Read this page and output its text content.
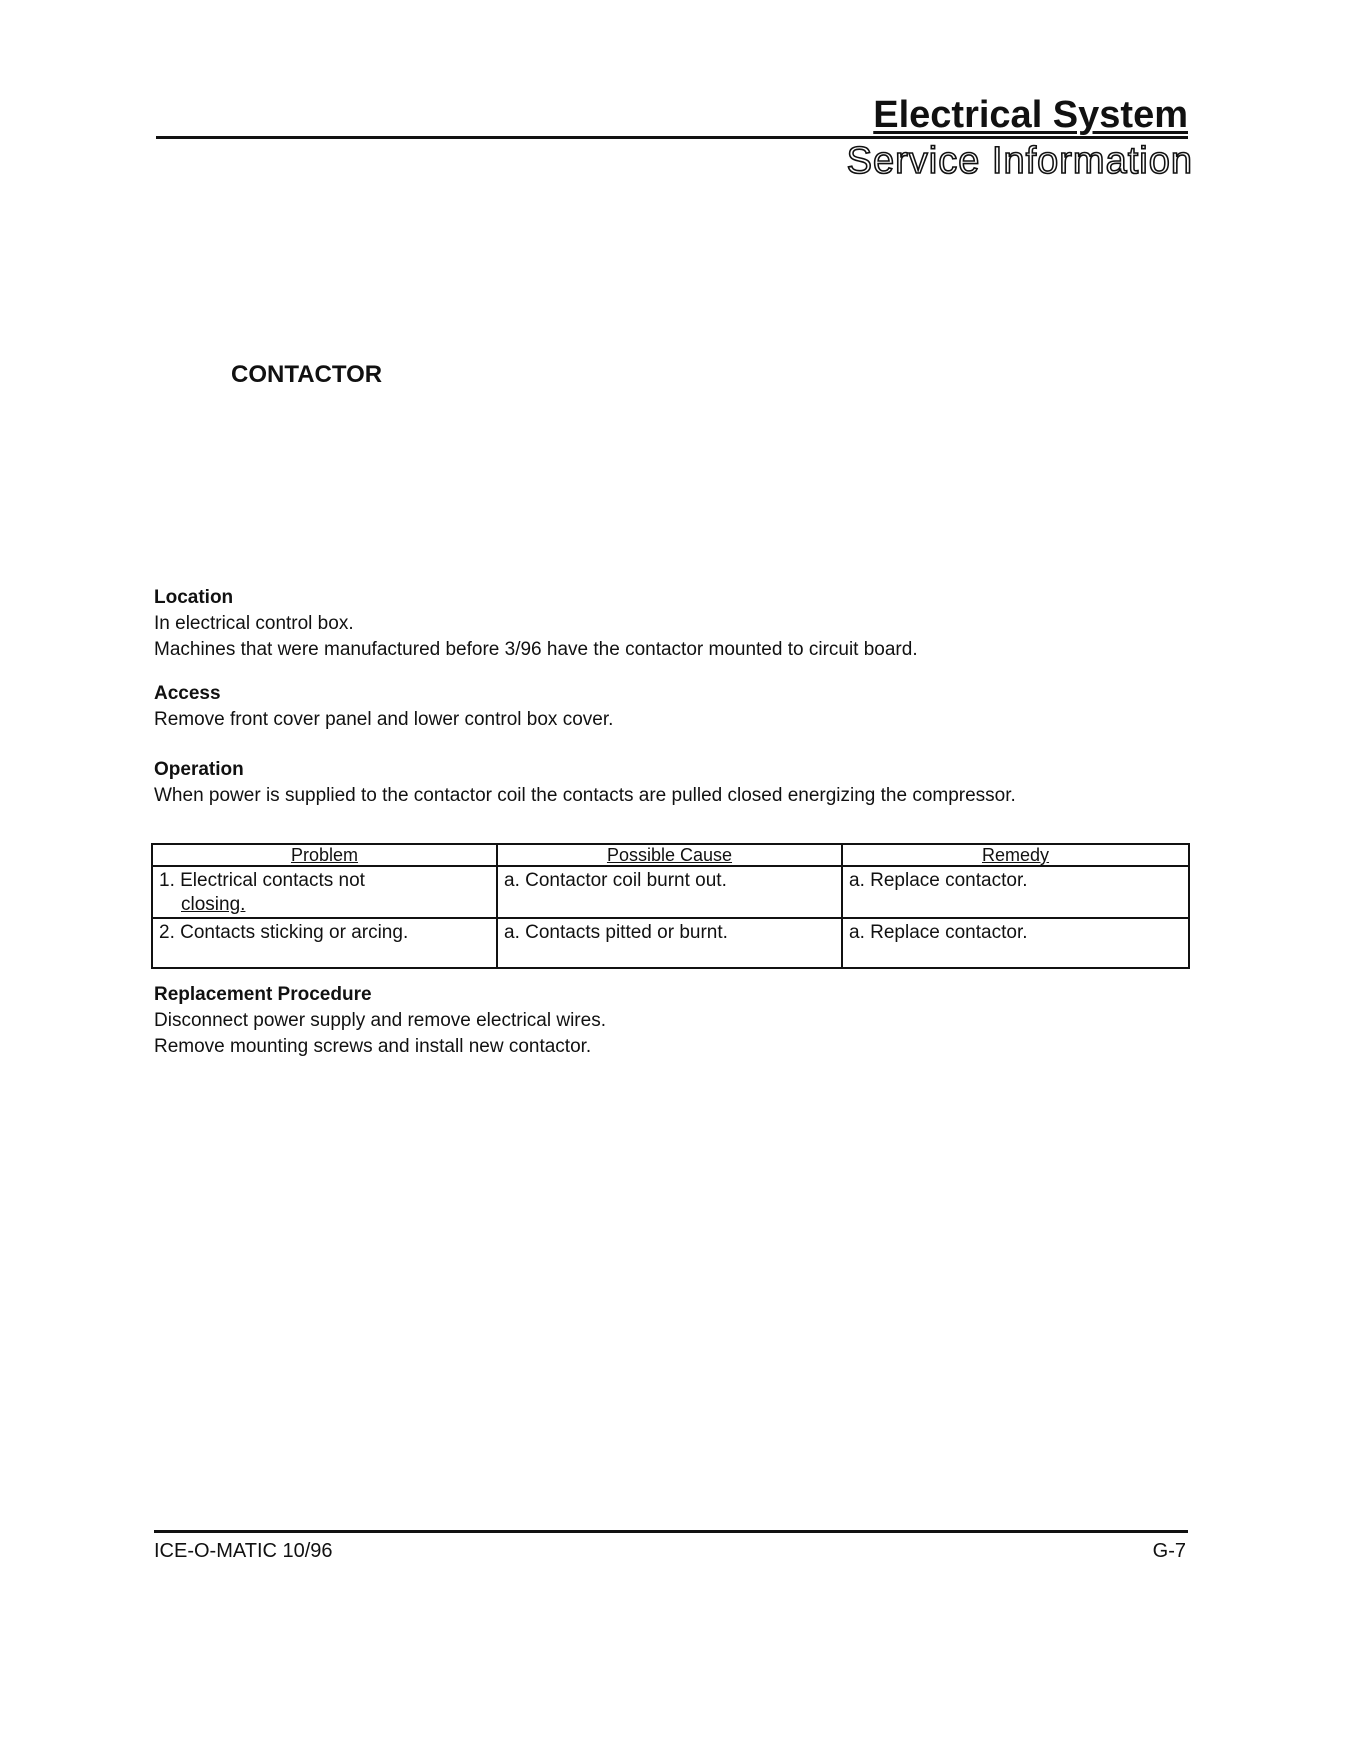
Electrical System
Service Information
CONTACTOR
Location
In electrical control box.
Machines that were manufactured before 3/96 have the contactor mounted to circuit board.
Access
Remove front cover panel and lower control box cover.
Operation
When power is supplied to the contactor coil the contacts are pulled closed energizing the compressor.
Problem	Possible Cause	Remedy

1. Electrical contacts not
closing.	a. Contactor coil burnt out.	a. Replace contactor.

2. Contacts sticking or arcing.	a. Contacts pitted or burnt.	a. Replace contactor.
Replacement Procedure
Disconnect power supply and remove electrical wires.
Remove mounting screws and install new contactor.
ICE-O-MATIC 10/96	G-7
